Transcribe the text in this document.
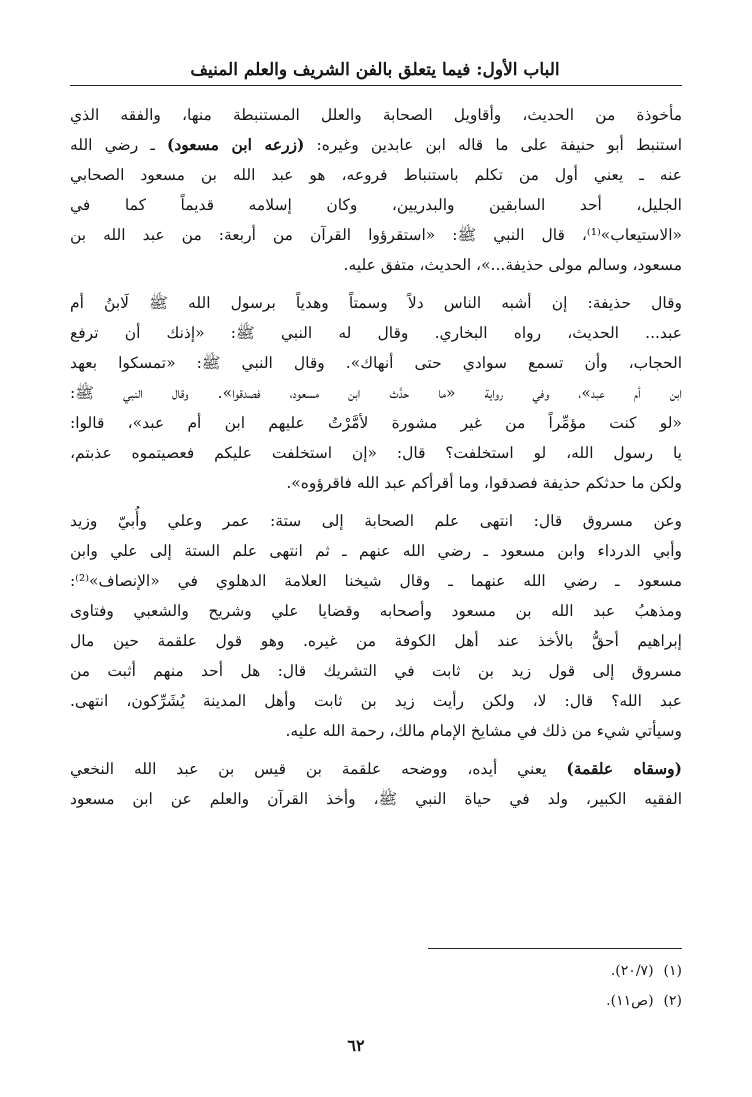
الباب الأول: فيما يتعلق بالفن الشريف والعلم المنيف
مأخوذة من الحديث، وأقاويل الصحابة والعلل المستنبطة منها، والفقه الذي
استنبط أبو حنيفة على ما قاله ابن عابدين وغيره: (زرعه ابن مسعود) ـ رضي الله
عنه ـ يعني أول من تكلم باستنباط فروعه، هو عبد الله بن مسعود الصحابي
الجليل، أحد السابقين والبدريين، وكان إسلامه قديماً كما في
«الاستيعاب»⁽¹⁾، قال النبي ﷺ: «استقرؤوا القرآن من أربعة: من عبد الله بن
مسعود، وسالم مولى حذيفة...»، الحديث، متفق عليه.
وقال حذيفة: إن أشبه الناس دلاً وسمتاً وهدياً برسول الله ﷺ لَابنُ أم
عبد... الحديث، رواه البخاري. وقال له النبي ﷺ: «إذنك أن ترفع
الحجاب، وأن تسمع سوادي حتى أنهاك». وقال النبي ﷺ: «تمسكوا بعهد
ابن أم عبد»، وفي رواية «ما حدَّث ابن مسعود، فصدقوا». وقال النبي ﷺ:
«لو كنت مؤمِّراً من غير مشورة لأمَّرْتُ عليهم ابن أم عبد»، قالوا:
يا رسول الله، لو استخلفت؟ قال: «إن استخلفت عليكم فعصيتموه عذبتم،
ولكن ما حدثكم حذيفة فصدقوا، وما أقرأكم عبد الله فاقرؤوه».
وعن مسروق قال: انتهى علم الصحابة إلى ستة: عمر وعلي وأُبيّ وزيد
وأبي الدرداء وابن مسعود ـ رضي الله عنهم ـ ثم انتهى علم الستة إلى علي وابن
مسعود ـ رضي الله عنهما ـ وقال شيخنا العلامة الدهلوي في «الإنصاف»⁽²⁾:
ومذهبُ عبد الله بن مسعود وأصحابه وقضايا علي وشريح والشعبي وفتاوى
إبراهيم أحقُّ بالأخذ عند أهل الكوفة من غيره. وهو قول علقمة حين مال
مسروق إلى قول زيد بن ثابت في التشريك قال: هل أحد منهم أثبت من
عبد الله؟ قال: لا، ولكن رأيت زيد بن ثابت وأهل المدينة يُشَرِّكون، انتهى.
وسيأتي شيء من ذلك في مشايخ الإمام مالك، رحمة الله عليه.
(وسقاه علقمة) يعني أيده، ووضحه علقمة بن قيس بن عبد الله النخعي
الفقيه الكبير، ولد في حياة النبي ﷺ، وأخذ القرآن والعلم عن ابن مسعود
(١)(٢٠/٧).
(٢)(ص١١).
٦٢
